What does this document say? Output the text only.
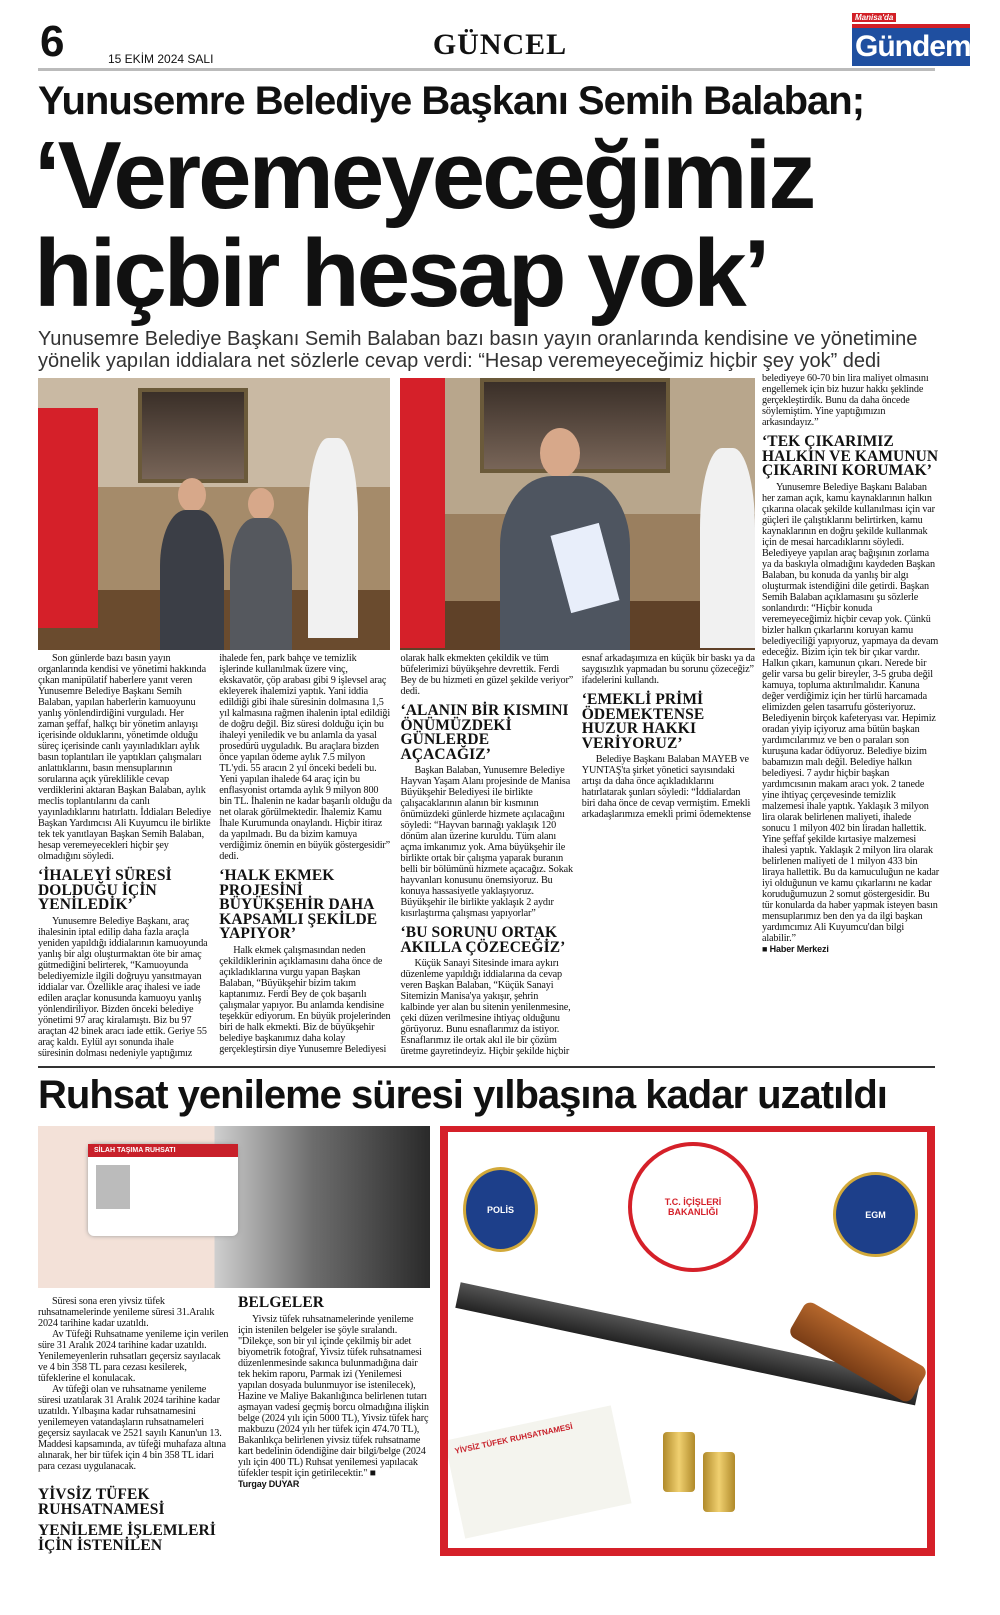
6	15 EKİM 2024 SALI	GÜNCEL
Manisa'da
Gündem
Yunusemre Belediye Başkanı Semih Balaban;
‘Veremeyeceğimiz
hiçbir hesap yok’
Yunusemre Belediye Başkanı Semih Balaban bazı basın yayın oranlarında kendisine ve yönetimine yönelik yapılan iddialara net sözlerle cevap verdi: “Hesap veremeyeceğimiz hiçbir şey yok” dedi

Son günlerde bazı basın yayın organlarında kendisi ve yönetimi hakkında çıkan manipülatif haberlere yanıt veren Yunusemre Belediye Başkanı Semih Balaban, yapılan haberlerin kamuoyunu yanlış yönlendirdiğini vurguladı. Her zaman şeffaf, halkçı bir yönetim anlayışı içerisinde olduklarını, yönetimde olduğu süreç içerisinde canlı yayınladıkları aylık basın toplantıları ile yaptıkları çalışmaları anlattıklarını, basın mensuplarının sorularına açık yüreklilikle cevap verdiklerini aktaran Başkan Balaban, aylık meclis toplantılarını da canlı yayınladıklarını hatırlattı. İddiaları Belediye Başkan Yardımcısı Ali Kuyumcu ile birlikte tek tek yanıtlayan Başkan Semih Balaban, hesap veremeyecekleri hiçbir şey olmadığını söyledi.

‘İHALEYİ SÜRESİ DOLDUĞU İÇİN YENİLEDİK’

Yunusemre Belediye Başkanı, araç ihalesinin iptal edilip daha fazla araçla yeniden yapıldığı iddialarının kamuoyunda yanlış bir algı oluşturmaktan öte bir amaç gütmediğini belirterek, “Kamuoyunda belediyemizle ilgili doğruyu yansıtmayan iddialar var. Özellikle araç ihalesi ve iade edilen araçlar konusunda kamuoyu yanlış yönlendiriliyor. Bizden önceki belediye yönetimi 97 araç kiralamıştı. Biz bu 97 araçtan 42 binek aracı iade ettik. Geriye 55 araç kaldı. Eylül ayı sonunda ihale süresinin dolması nedeniyle yaptığımız ihalede fen, park bahçe ve temizlik işlerinde kullanılmak üzere vinç, ekskavatör, çöp arabası gibi 9 işlevsel araç ekleyerek ihalemizi yaptık. Yani iddia edildiği gibi ihale süresinin dolmasına 1,5 yıl kalmasına rağmen ihalenin iptal edildiği de doğru değil. Biz süresi dolduğu için bu ihaleyi yeniledik ve bu anlamla da yasal prosedürü uyguladık. Bu araçlara bizden önce yapılan ödeme aylık 7.5 milyon TL'ydi. 55 aracın 2 yıl önceki bedeli bu. Yeni yapılan ihalede 64 araç için bu enflasyonist ortamda aylık 9 milyon 800 bin TL. İhalenin ne kadar başarılı olduğu da net olarak görülmektedir. İhalemiz Kamu İhale Kurumunda onaylandı. Hiçbir itiraz da yapılmadı. Bu da bizim kamuya verdiğimiz önemin en büyük göstergesidir” dedi.

‘HALK EKMEK PROJESİNİ BÜYÜKŞEHİR DAHA KAPSAMLI ŞEKİLDE YAPIYOR’

Halk ekmek çalışmasından neden çekildiklerinin açıklamasını daha önce de açıkladıklarına vurgu yapan Başkan Balaban, “Büyükşehir bizim takım kaptanımız. Ferdi Bey de çok başarılı çalışmalar yapıyor. Bu anlamda kendisine teşekkür ediyorum. En büyük projelerinden biri de halk ekmekti. Biz de büyükşehir belediye başkanımız daha kolay gerçekleştirsin diye Yunusemre Belediyesi olarak halk ekmekten çekildik ve tüm büfelerimizi büyükşehre devrettik. Ferdi Bey de bu hizmeti en güzel şekilde veriyor” dedi.

‘ALANIN BİR KISMINI ÖNÜMÜZDEKİ GÜNLERDE AÇACAĞIZ’

Başkan Balaban, Yunusemre Belediye Hayvan Yaşam Alanı projesinde de Manisa Büyükşehir Belediyesi ile birlikte çalışacaklarının alanın bir kısmının önümüzdeki günlerde hizmete açılacağını söyledi: “Hayvan barınağı yaklaşık 120 dönüm alan üzerine kuruldu. Tüm alanı açma imkanımız yok. Ama büyükşehir ile birlikte ortak bir çalışma yaparak buranın belli bir bölümünü hizmete açacağız. Sokak hayvanları konusunu önemsiyoruz. Bu konuya hassasiyetle yaklaşıyoruz. Büyükşehir ile birlikte yaklaşık 2 aydır kısırlaştırma çalışması yapıyorlar”

‘BU SORUNU ORTAK AKILLA ÇÖZECEĞİZ’

Küçük Sanayi Sitesinde imara aykırı düzenleme yapıldığı iddialarına da cevap veren Başkan Balaban, “Küçük Sanayi Sitemizin Manisa'ya yakışır, şehrin kalbinde yer alan bu sitenin yenilenmesine, çeki düzen verilmesine ihtiyaç olduğunu görüyoruz. Bunu esnaflarımız da istiyor. Esnaflarımız ile ortak akıl ile bir çözüm üretme gayretindeyiz. Hiçbir şekilde hiçbir esnaf arkadaşımıza en küçük bir baskı ya da saygısızlık yapmadan bu sorunu çözeceğiz” ifadelerini kullandı.

‘EMEKLİ PRİMİ ÖDEMEKTENSE HUZUR HAKKI VERİYORUZ’

Belediye Başkanı Balaban MAYEB ve YUNTAŞ'ta şirket yönetici sayısındaki artışı da daha önce açıkladıklarını hatırlatarak şunları söyledi: “İddialardan biri daha önce de cevap vermiştim. Emekli arkadaşlarımıza emekli primi ödemektense

belediyeye 60-70 bin lira maliyet olmasını engellemek için biz huzur hakkı şeklinde gerçekleştirdik. Bunu da daha öncede söylemiştim. Yine yaptığımızın arkasındayız.”

‘TEK ÇIKARIMIZ HALKIN VE KAMUNUN ÇIKARINI KORUMAK’

Yunusemre Belediye Başkanı Balaban her zaman açık, kamu kaynaklarının halkın çıkarına olacak şekilde kullanılması için var güçleri ile çalıştıklarını belirtirken, kamu kaynaklarının en doğru şekilde kullanmak için de mesai harcadıklarını söyledi. Belediyeye yapılan araç bağışının zorlama ya da baskıyla olmadığını kaydeden Başkan Balaban, bu konuda da yanlış bir algı oluşturmak istendiğini dile getirdi. Başkan Semih Balaban açıklamasını şu sözlerle sonlandırdı: “Hiçbir konuda veremeyeceğimiz hiçbir cevap yok. Çünkü bizler halkın çıkarlarını koruyan kamu belediyeciliği yapıyoruz, yapmaya da devam edeceğiz. Bizim için tek bir çıkar vardır. Halkın çıkarı, kamunun çıkarı. Nerede bir gelir varsa bu gelir bireyler, 3-5 gruba değil kamuya, topluma aktırılmalıdır. Kanuna değer verdiğimiz için her türlü harcamada elimizden gelen tasarrufu gösteriyoruz. Belediyenin birçok kafeteryası var. Hepimiz oradan yiyip içiyoruz ama bütün başkan yardımcılarımız ve ben o paraları son kuruşuna kadar ödüyoruz. Belediye bizim babamızın malı değil. Belediye halkın belediyesi. 7 aydır hiçbir başkan yardımcısının makam aracı yok. 2 tanede yine ihtiyaç çerçevesinde temizlik malzemesi ihale yaptık. Yaklaşık 3 milyon lira olarak belirlenen maliyeti, ihalede sonucu 1 milyon 402 bin liradan hallettik. Yine şeffaf şekilde kırtasiye malzemesi ihalesi yaptık. Yaklaşık 2 milyon lira olarak belirlenen maliyeti de 1 milyon 433 bin liraya hallettik. Bu da kamuculuğun ne kadar iyi olduğunun ve kamu çıkarlarını ne kadar koruduğumuzun 2 somut göstergesidir. Bu tür konularda da haber yapmak isteyen basın mensuplarımız ben den ya da ilgi başkan yardımcımız Ali Kuyumcu'dan bilgi alabilir.”

■ Haber Merkezi
Ruhsat yenileme süresi yılbaşına kadar uzatıldı
SİLAH TAŞIMA RUHSATI
POLİS
T.C. İÇİŞLERİ BAKANLIĞI	EGM
YİVSİZ TÜFEK RUHSATNAMESİ

Süresi sona eren yivsiz tüfek ruhsatnamelerinde yenileme süresi 31.Aralık 2024 tarihine kadar uzatıldı.

Av Tüfeği Ruhsatname yenileme için verilen süre 31 Aralık 2024 tarihine kadar uzatıldı. Yenilemeyenlerin ruhsatları geçersiz sayılacak ve 4 bin 358 TL para cezası kesilerek, tüfeklerine el konulacak.

Av tüfeği olan ve ruhsatname yenileme süresi uzatılarak 31 Aralık 2024 tarihine kadar uzatıldı. Yılbaşına kadar ruhsatnamesini yenilemeyen vatandaşların ruhsatnameleri geçersiz sayılacak ve 2521 sayılı Kanun'un 13. Maddesi kapsamında, av tüfeği muhafaza altına alınarak, her bir tüfek için 4 bin 358 TL idari para cezası uygulanacak.

YİVSİZ TÜFEK RUHSATNAMESİ
YENİLEME İŞLEMLERİ İÇİN İSTENİLEN BELGELER

Yivsiz tüfek ruhsatnamelerinde yenileme için istenilen belgeler ise şöyle sıralandı. "Dilekçe, son bir yıl içinde çekilmiş bir adet biyometrik fotoğraf, Yivsiz tüfek ruhsatnamesi düzenlenmesinde sakınca bulunmadığına dair tek hekim raporu, Parmak izi (Yenilemesi yapılan dosyada bulunmuyor ise istenilecek), Hazine ve Maliye Bakanlığınca belirlenen tutarı aşmayan vadesi geçmiş borcu olmadığına ilişkin belge (2024 yılı için 5000 TL), Yivsiz tüfek harç makbuzu (2024 yılı her tüfek için 474.70 TL), Bakanlıkça belirlenen yivsiz tüfek ruhsatname kart bedelinin ödendiğine dair bilgi/belge (2024 yılı için 400 TL) Ruhsat yenilemesi yapılacak tüfekler tespit için getirilecektir." ■

Turgay DUYAR
